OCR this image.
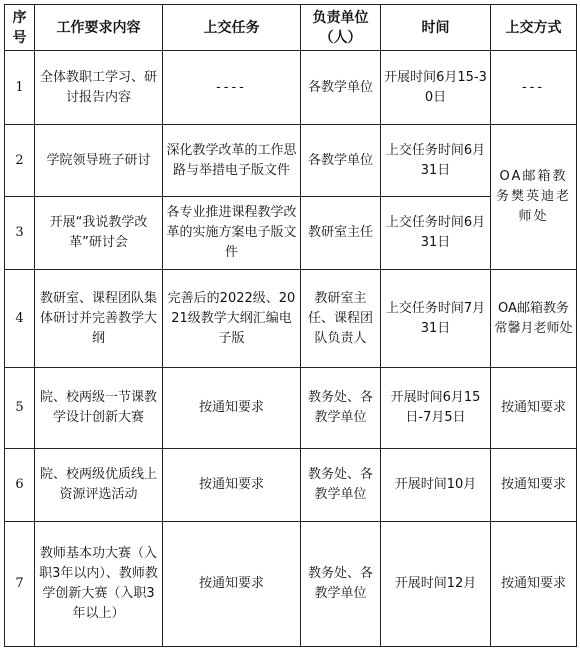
序号	工作要求内容	上交任务	负责单位（人）	时间	上交方式
1	全体教职工学习、研讨报告内容	----	各教学单位	开展时间6月15-30日	---
2	学院领导班子研讨	深化教学改革的工作思路与举措电子版文件	各教学单位	上交任务时间6月31日	OA邮箱教务樊英迪老师处
3	开展“我说教学改革”研讨会	各专业推进课程教学改革的实施方案电子版文件	教研室主任	上交任务时间6月31日	
4	教研室、课程团队集体研讨并完善教学大纲	完善后的2022级、2021级教学大纲汇编电子版	教研室主任、课程团队负责人	上交任务时间7月31日	OA邮箱教务常馨月老师处
5	院、校两级一节课教学设计创新大赛	按通知要求	教务处、各教学单位	开展时间6月15日-7月5日	按通知要求
6	院、校两级优质线上资源评选活动	按通知要求	教务处、各教学单位	开展时间10月	按通知要求
7	教师基本功大赛（入职3年以内）、教师教学创新大赛（入职3年以上）	按通知要求	教务处、各教学单位	开展时间12月	按通知要求
